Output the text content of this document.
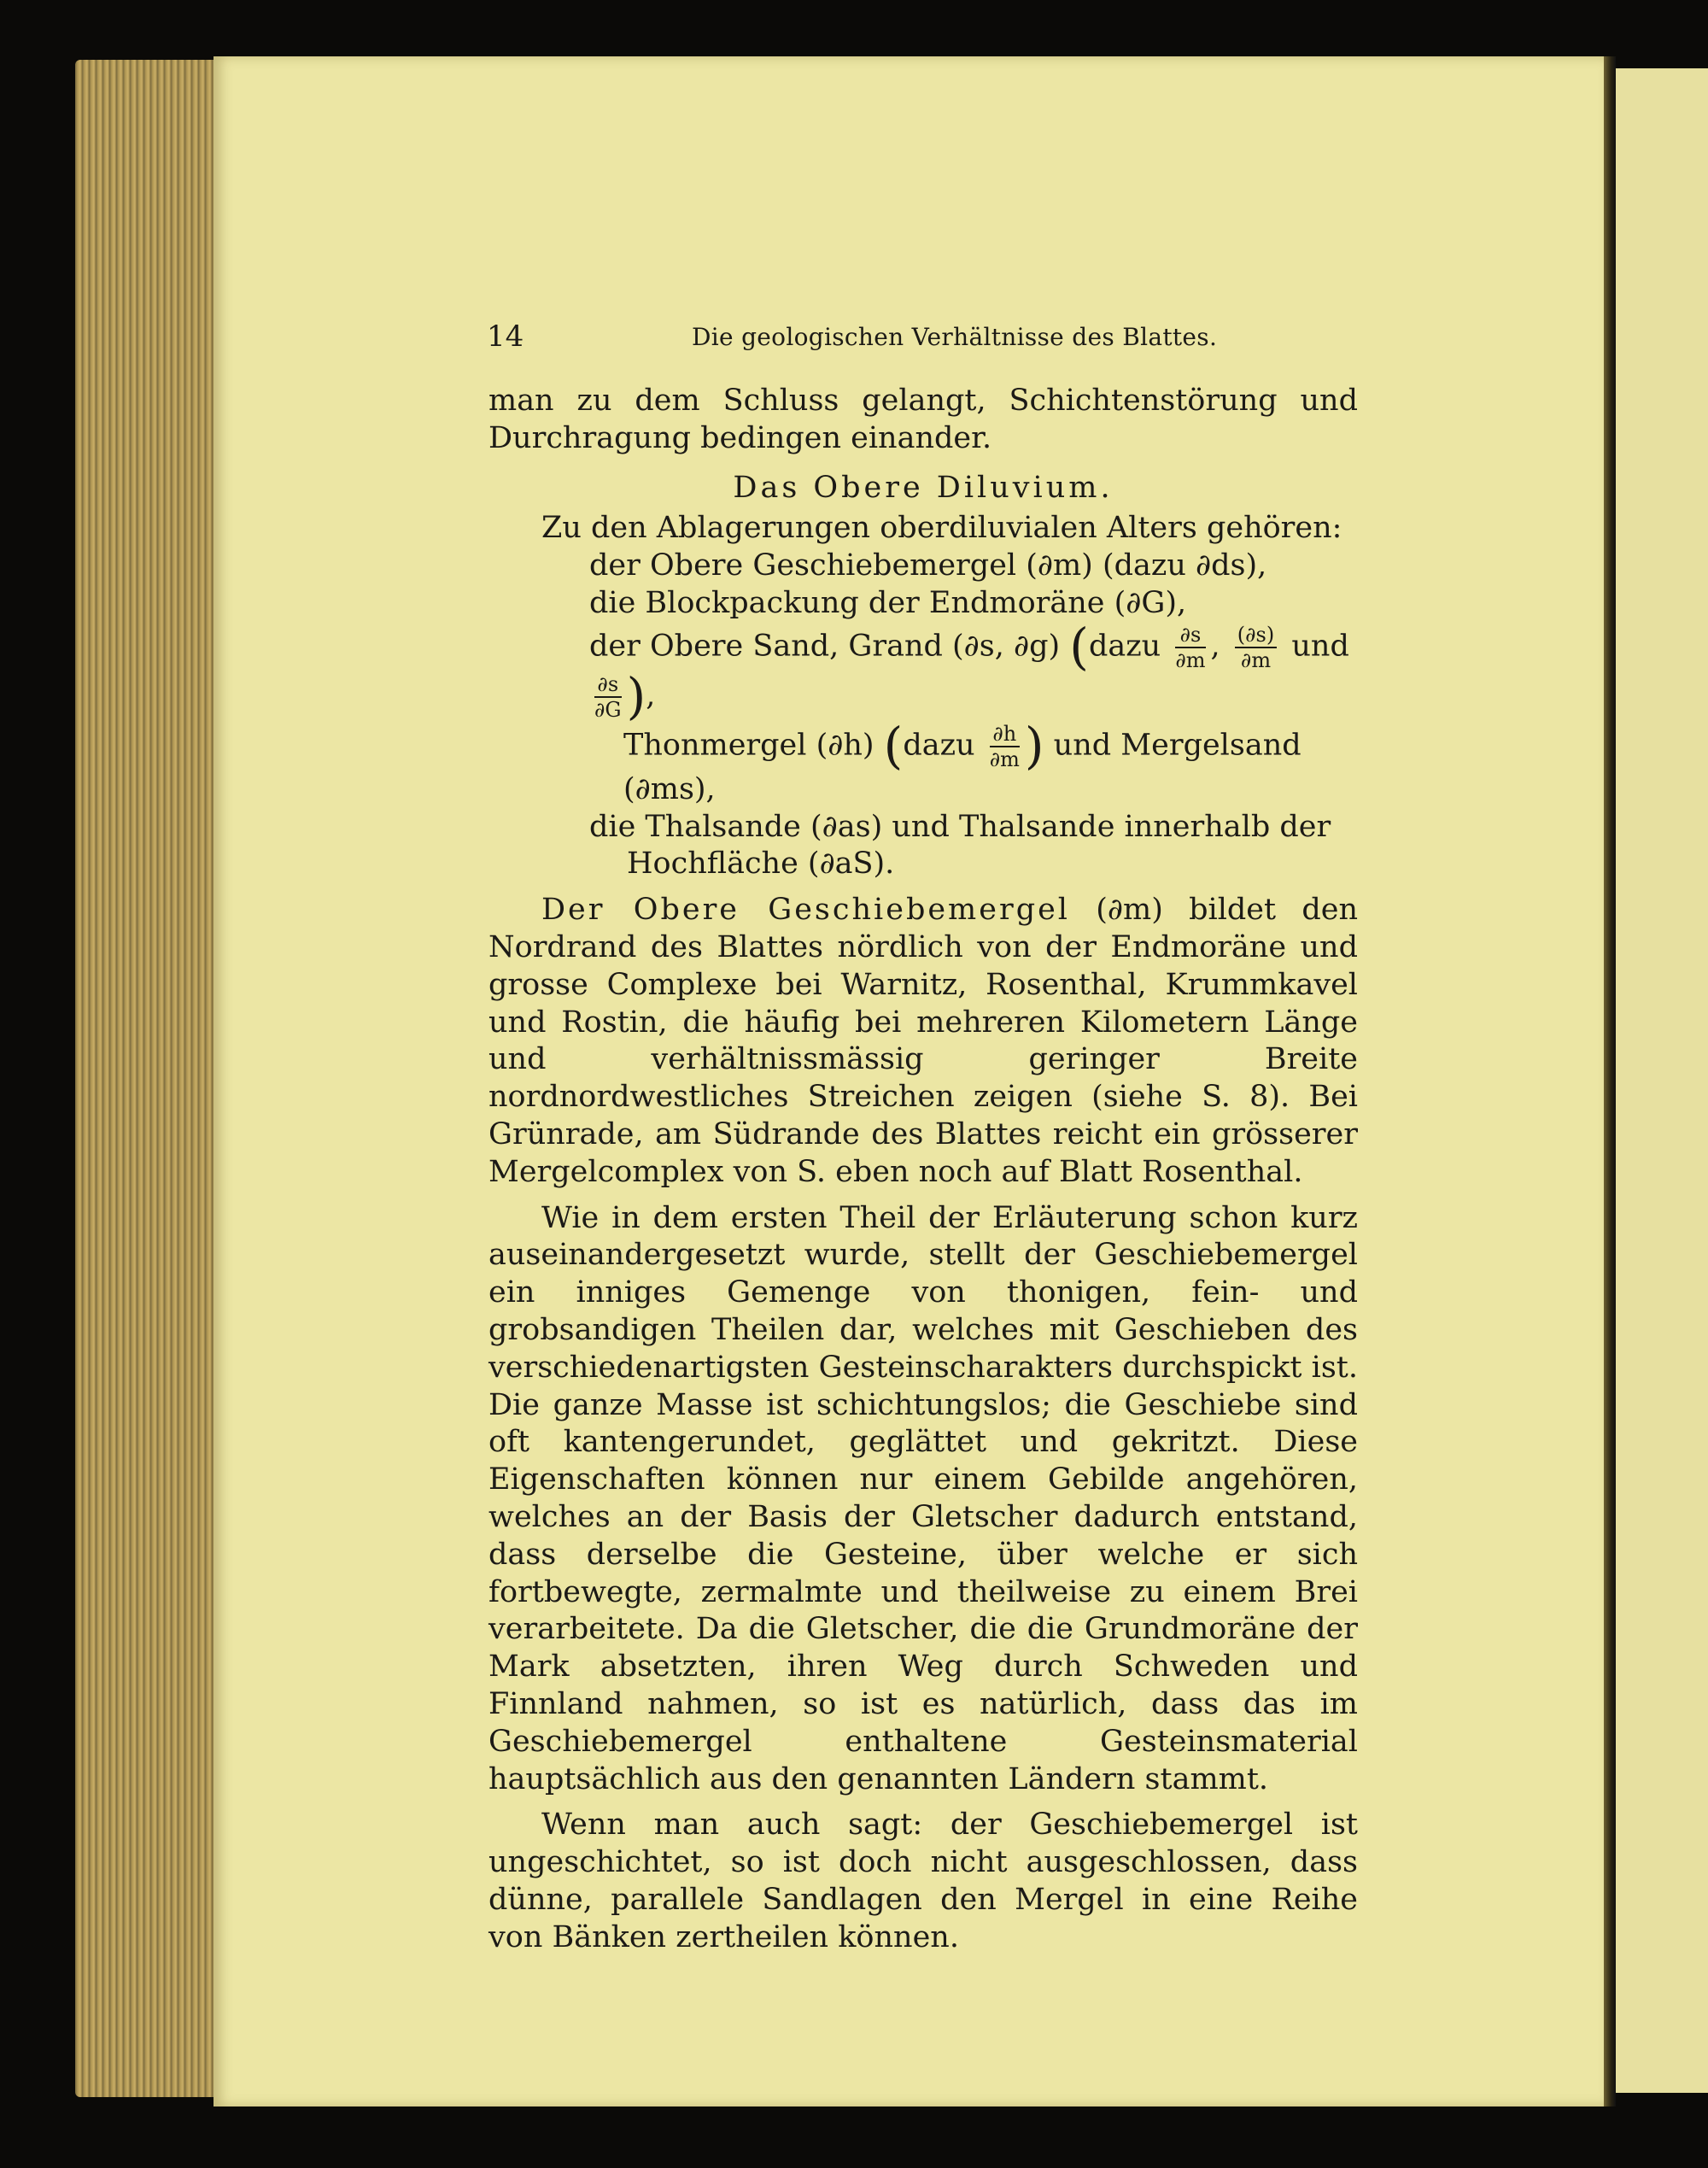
14	Die geologischen Verhältnisse des Blattes.

man zu dem Schluss gelangt, Schichtenstörung und Durchragung bedingen einander.

Das Obere Diluvium.

Zu den Ablagerungen oberdiluvialen Alters gehören:

der Obere Geschiebemergel (∂m) (dazu ∂ds),

die Blockpackung der Endmoräne (∂G),

der Obere Sand, Grand (∂s, ∂g) (dazu $\frac{\partial s}{\partial m}$ , $\frac{(\partial s)}{\partial m}$ und
$\frac{\partial s}{\partial G}$ ),

Thonmergel (∂h) (dazu $\frac{\partial h}{\partial m}$ ) und Mergelsand (∂ms),

die Thalsande (∂as) und Thalsande innerhalb der Hochfläche (∂aS).

Der Obere Geschiebemergel (∂m) bildet den Nordrand des Blattes nördlich von der Endmoräne und grosse Complexe bei Warnitz, Rosenthal, Krummkavel und Rostin, die häufig bei mehreren Kilometern Länge und verhältnissmässig geringer Breite nordnordwestliches Streichen zeigen (siehe S. 8). Bei Grünrade, am Südrande des Blattes reicht ein grösserer Mergelcomplex von S. eben noch auf Blatt Rosenthal.

Wie in dem ersten Theil der Erläuterung schon kurz auseinandergesetzt wurde, stellt der Geschiebemergel ein inniges Gemenge von thonigen, fein- und grobsandigen Theilen dar, welches mit Geschieben des verschiedenartigsten Gesteinscharakters durchspickt ist. Die ganze Masse ist schichtungslos; die Geschiebe sind oft kantengerundet, geglättet und gekritzt. Diese Eigenschaften können nur einem Gebilde angehören, welches an der Basis der Gletscher dadurch entstand, dass derselbe die Gesteine, über welche er sich fortbewegte, zermalmte und theilweise zu einem Brei verarbeitete. Da die Gletscher, die die Grundmoräne der Mark absetzten, ihren Weg durch Schweden und Finnland nahmen, so ist es natürlich, dass das im Geschiebemergel enthaltene Gesteinsmaterial hauptsächlich aus den genannten Ländern stammt.

Wenn man auch sagt: der Geschiebemergel ist ungeschichtet, so ist doch nicht ausgeschlossen, dass dünne, parallele Sandlagen den Mergel in eine Reihe von Bänken zertheilen können.
